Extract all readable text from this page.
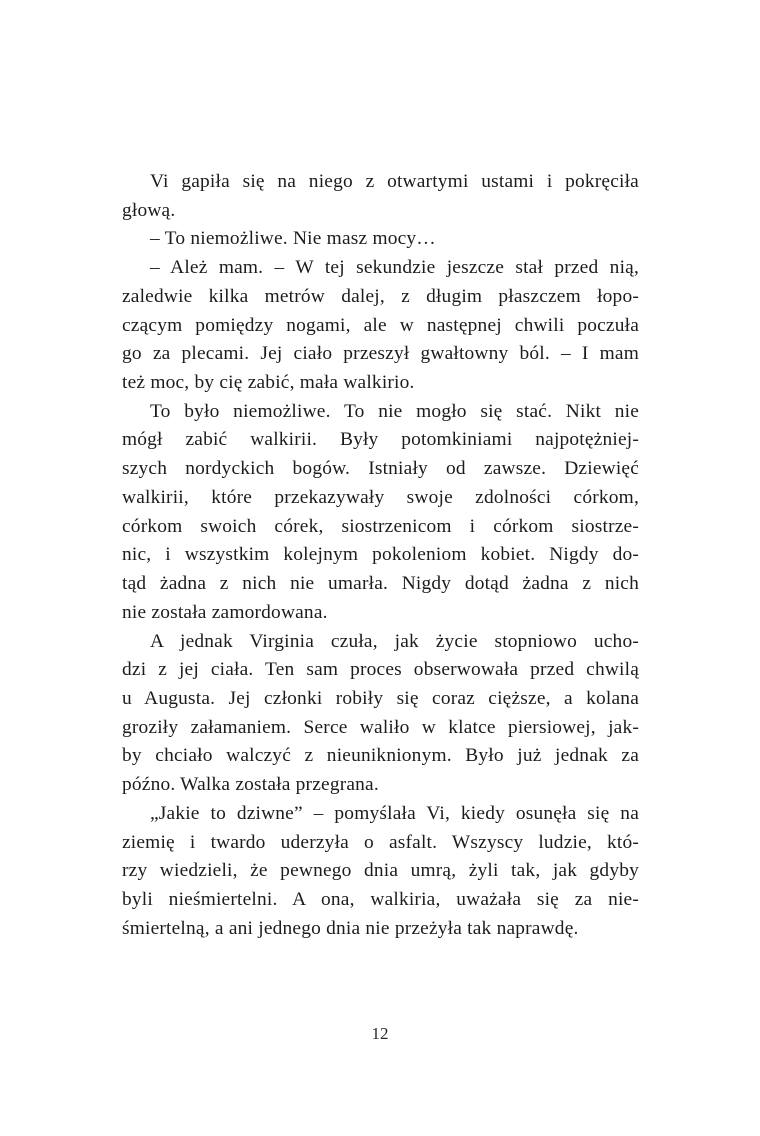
Vi gapiła się na niego z otwartymi ustami i pokręciła
głową.

– To niemożliwe. Nie masz mocy…

– Ależ mam. – W tej sekundzie jeszcze stał przed nią,
zaledwie kilka metrów dalej, z długim płaszczem łopo-
czącym pomiędzy nogami, ale w następnej chwili poczuła
go za plecami. Jej ciało przeszył gwałtowny ból. – I mam
też moc, by cię zabić, mała walkirio.

To było niemożliwe. To nie mogło się stać. Nikt nie
mógł zabić walkirii. Były potomkiniami najpotężniej-
szych nordyckich bogów. Istniały od zawsze. Dziewięć
walkirii, które przekazywały swoje zdolności córkom,
córkom swoich córek, siostrzenicom i córkom siostrze-
nic, i wszystkim kolejnym pokoleniom kobiet. Nigdy do-
tąd żadna z nich nie umarła. Nigdy dotąd żadna z nich
nie została zamordowana.

A jednak Virginia czuła, jak życie stopniowo ucho-
dzi z jej ciała. Ten sam proces obserwowała przed chwilą
u Augusta. Jej członki robiły się coraz cięższe, a kolana
groziły załamaniem. Serce waliło w klatce piersiowej, jak-
by chciało walczyć z nieuniknionym. Było już jednak za
późno. Walka została przegrana.

„Jakie to dziwne” – pomyślała Vi, kiedy osunęła się na
ziemię i twardo uderzyła o asfalt. Wszyscy ludzie, któ-
rzy wiedzieli, że pewnego dnia umrą, żyli tak, jak gdyby
byli nieśmiertelni. A ona, walkiria, uważała się za nie-
śmiertelną, a ani jednego dnia nie przeżyła tak naprawdę.

12
